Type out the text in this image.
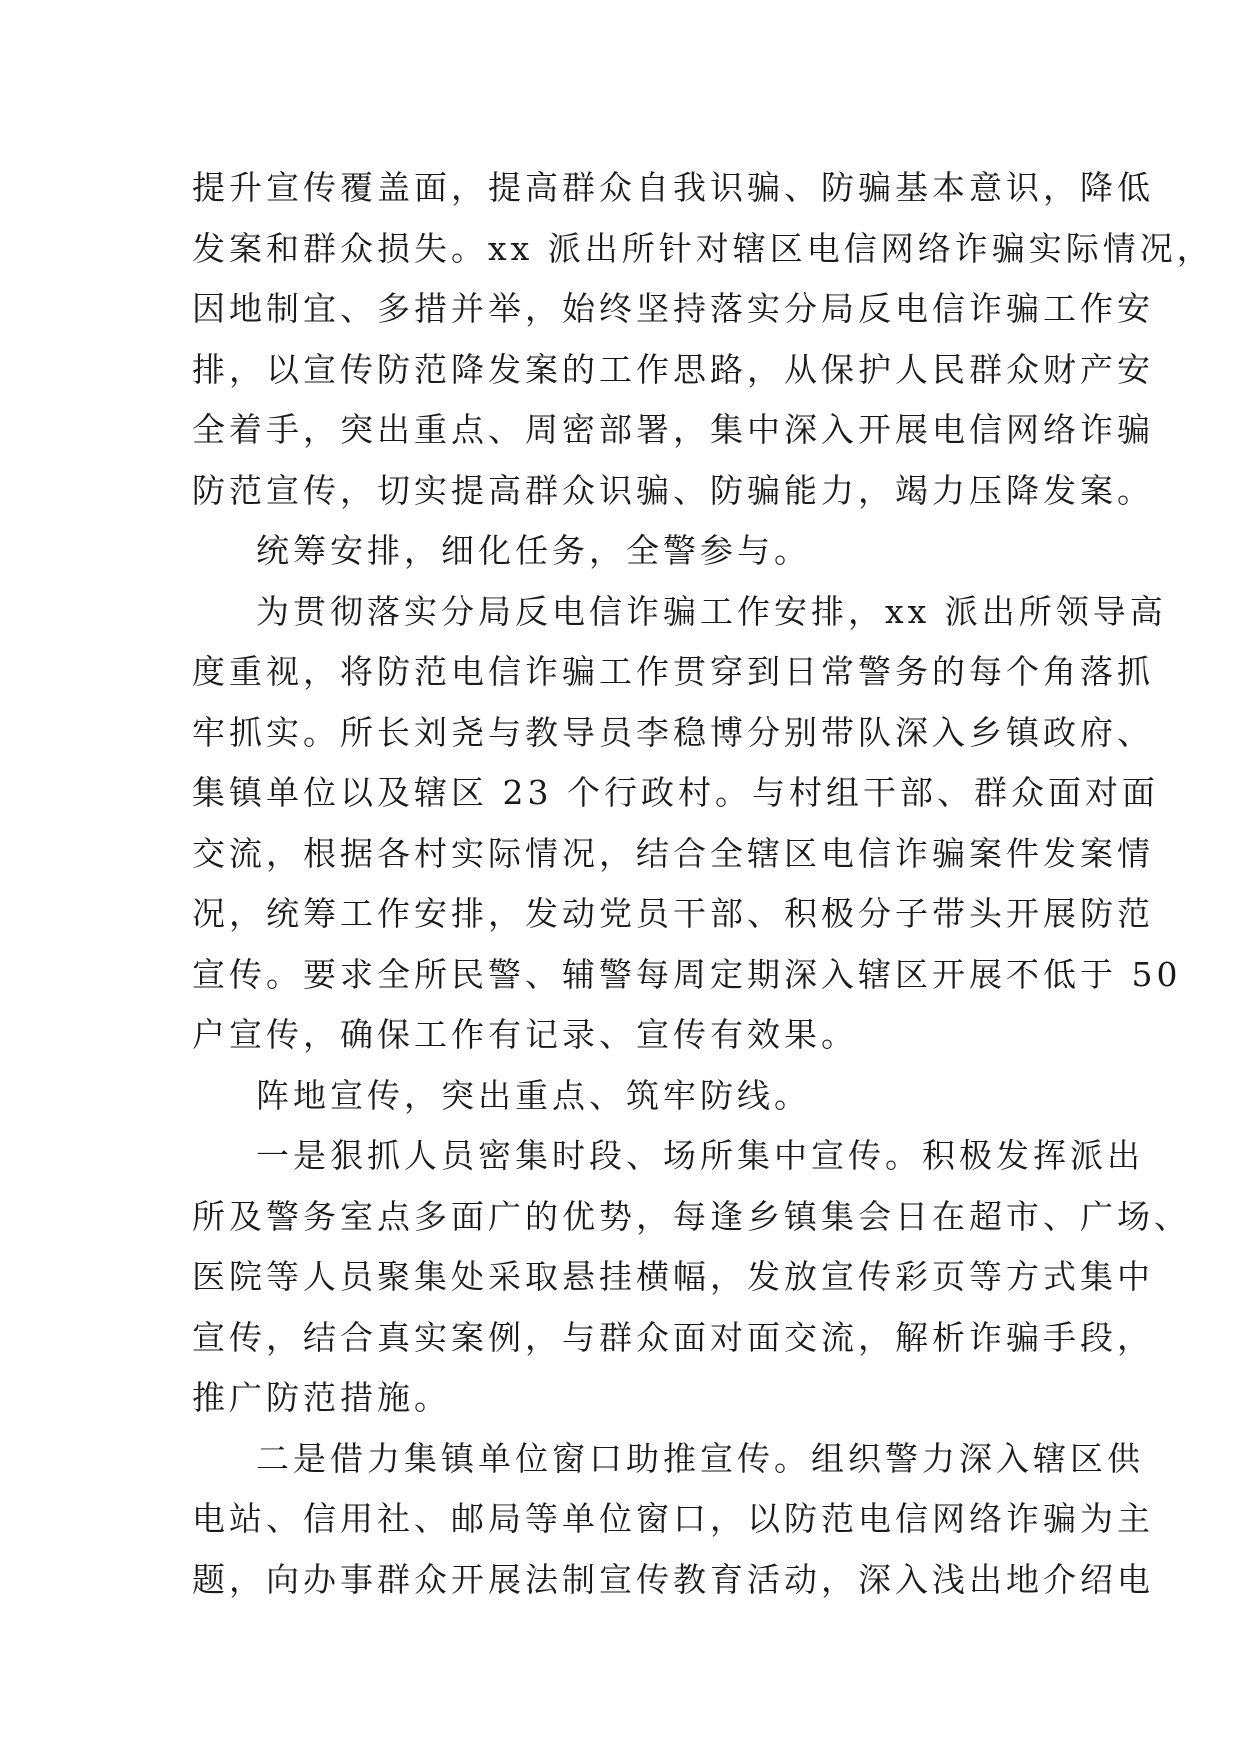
提升宣传覆盖面，提高群众自我识骗、防骗基本意识，降低
发案和群众损失。xx 派出所针对辖区电信网络诈骗实际情况，
因地制宜、多措并举，始终坚持落实分局反电信诈骗工作安
排，以宣传防范降发案的工作思路，从保护人民群众财产安
全着手，突出重点、周密部署，集中深入开展电信网络诈骗
防范宣传，切实提高群众识骗、防骗能力，竭力压降发案。
统筹安排，细化任务，全警参与。
为贯彻落实分局反电信诈骗工作安排，xx 派出所领导高
度重视，将防范电信诈骗工作贯穿到日常警务的每个角落抓
牢抓实。所长刘尧与教导员李稳博分别带队深入乡镇政府、
集镇单位以及辖区 23 个行政村。与村组干部、群众面对面
交流，根据各村实际情况，结合全辖区电信诈骗案件发案情
况，统筹工作安排，发动党员干部、积极分子带头开展防范
宣传。要求全所民警、辅警每周定期深入辖区开展不低于 50
户宣传，确保工作有记录、宣传有效果。
阵地宣传，突出重点、筑牢防线。
一是狠抓人员密集时段、场所集中宣传。积极发挥派出
所及警务室点多面广的优势，每逢乡镇集会日在超市、广场、
医院等人员聚集处采取悬挂横幅，发放宣传彩页等方式集中
宣传，结合真实案例，与群众面对面交流，解析诈骗手段，
推广防范措施。
二是借力集镇单位窗口助推宣传。组织警力深入辖区供
电站、信用社、邮局等单位窗口，以防范电信网络诈骗为主
题，向办事群众开展法制宣传教育活动，深入浅出地介绍电
